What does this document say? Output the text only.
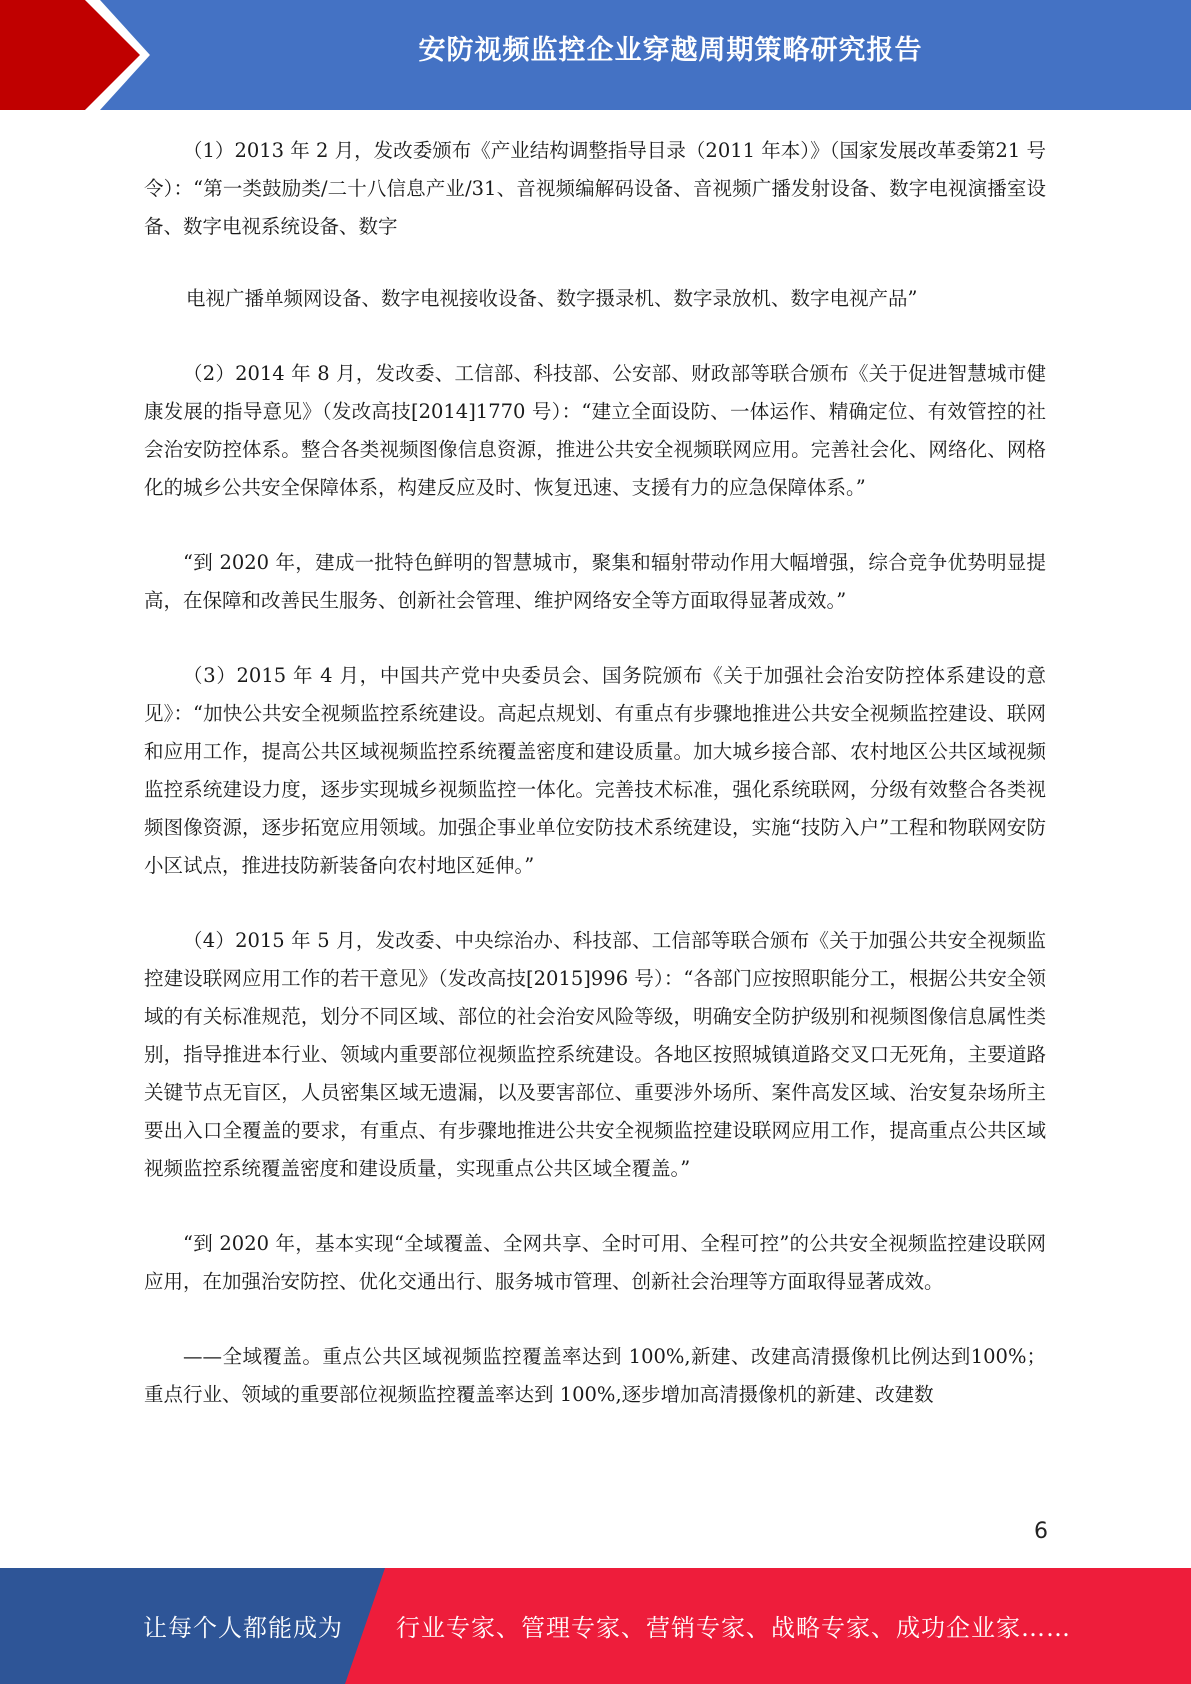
安防视频监控企业穿越周期策略研究报告

（1）2013 年 2 月，发改委颁布《产业结构调整指导目录（2011 年本）》（国家发展改革委第21 号令）：“第一类鼓励类/二十八信息产业/31、音视频编解码设备、音视频广播发射设备、数字电视演播室设备、数字电视系统设备、数字

电视广播单频网设备、数字电视接收设备、数字摄录机、数字录放机、数字电视产品”

（2）2014 年 8 月，发改委、工信部、科技部、公安部、财政部等联合颁布《关于促进智慧城市健康发展的指导意见》（发改高技[2014]1770 号）：“建立全面设防、一体运作、精确定位、有效管控的社会治安防控体系。整合各类视频图像信息资源，推进公共安全视频联网应用。完善社会化、网络化、网格化的城乡公共安全保障体系，构建反应及时、恢复迅速、支援有力的应急保障体系。”

“到 2020 年，建成一批特色鲜明的智慧城市，聚集和辐射带动作用大幅增强，综合竞争优势明显提高，在保障和改善民生服务、创新社会管理、维护网络安全等方面取得显著成效。”

（3）2015 年 4 月，中国共产党中央委员会、国务院颁布《关于加强社会治安防控体系建设的意见》：“加快公共安全视频监控系统建设。高起点规划、有重点有步骤地推进公共安全视频监控建设、联网和应用工作，提高公共区域视频监控系统覆盖密度和建设质量。加大城乡接合部、农村地区公共区域视频监控系统建设力度，逐步实现城乡视频监控一体化。完善技术标准，强化系统联网，分级有效整合各类视频图像资源，逐步拓宽应用领域。加强企事业单位安防技术系统建设，实施“技防入户”工程和物联网安防小区试点，推进技防新装备向农村地区延伸。”

（4）2015 年 5 月，发改委、中央综治办、科技部、工信部等联合颁布《关于加强公共安全视频监控建设联网应用工作的若干意见》（发改高技[2015]996 号）：“各部门应按照职能分工，根据公共安全领域的有关标准规范，划分不同区域、部位的社会治安风险等级，明确安全防护级别和视频图像信息属性类别，指导推进本行业、领域内重要部位视频监控系统建设。各地区按照城镇道路交叉口无死角，主要道路关键节点无盲区，人员密集区域无遗漏，以及要害部位、重要涉外场所、案件高发区域、治安复杂场所主要出入口全覆盖的要求，有重点、有步骤地推进公共安全视频监控建设联网应用工作，提高重点公共区域视频监控系统覆盖密度和建设质量，实现重点公共区域全覆盖。”

“到 2020 年，基本实现“全域覆盖、全网共享、全时可用、全程可控”的公共安全视频监控建设联网应用，在加强治安防控、优化交通出行、服务城市管理、创新社会治理等方面取得显著成效。

——全域覆盖。重点公共区域视频监控覆盖率达到 100%,新建、改建高清摄像机比例达到100%；重点行业、领域的重要部位视频监控覆盖率达到 100%,逐步增加高清摄像机的新建、改建数

6
让每个人都能成为 行业专家、管理专家、营销专家、战略专家、成功企业家……
